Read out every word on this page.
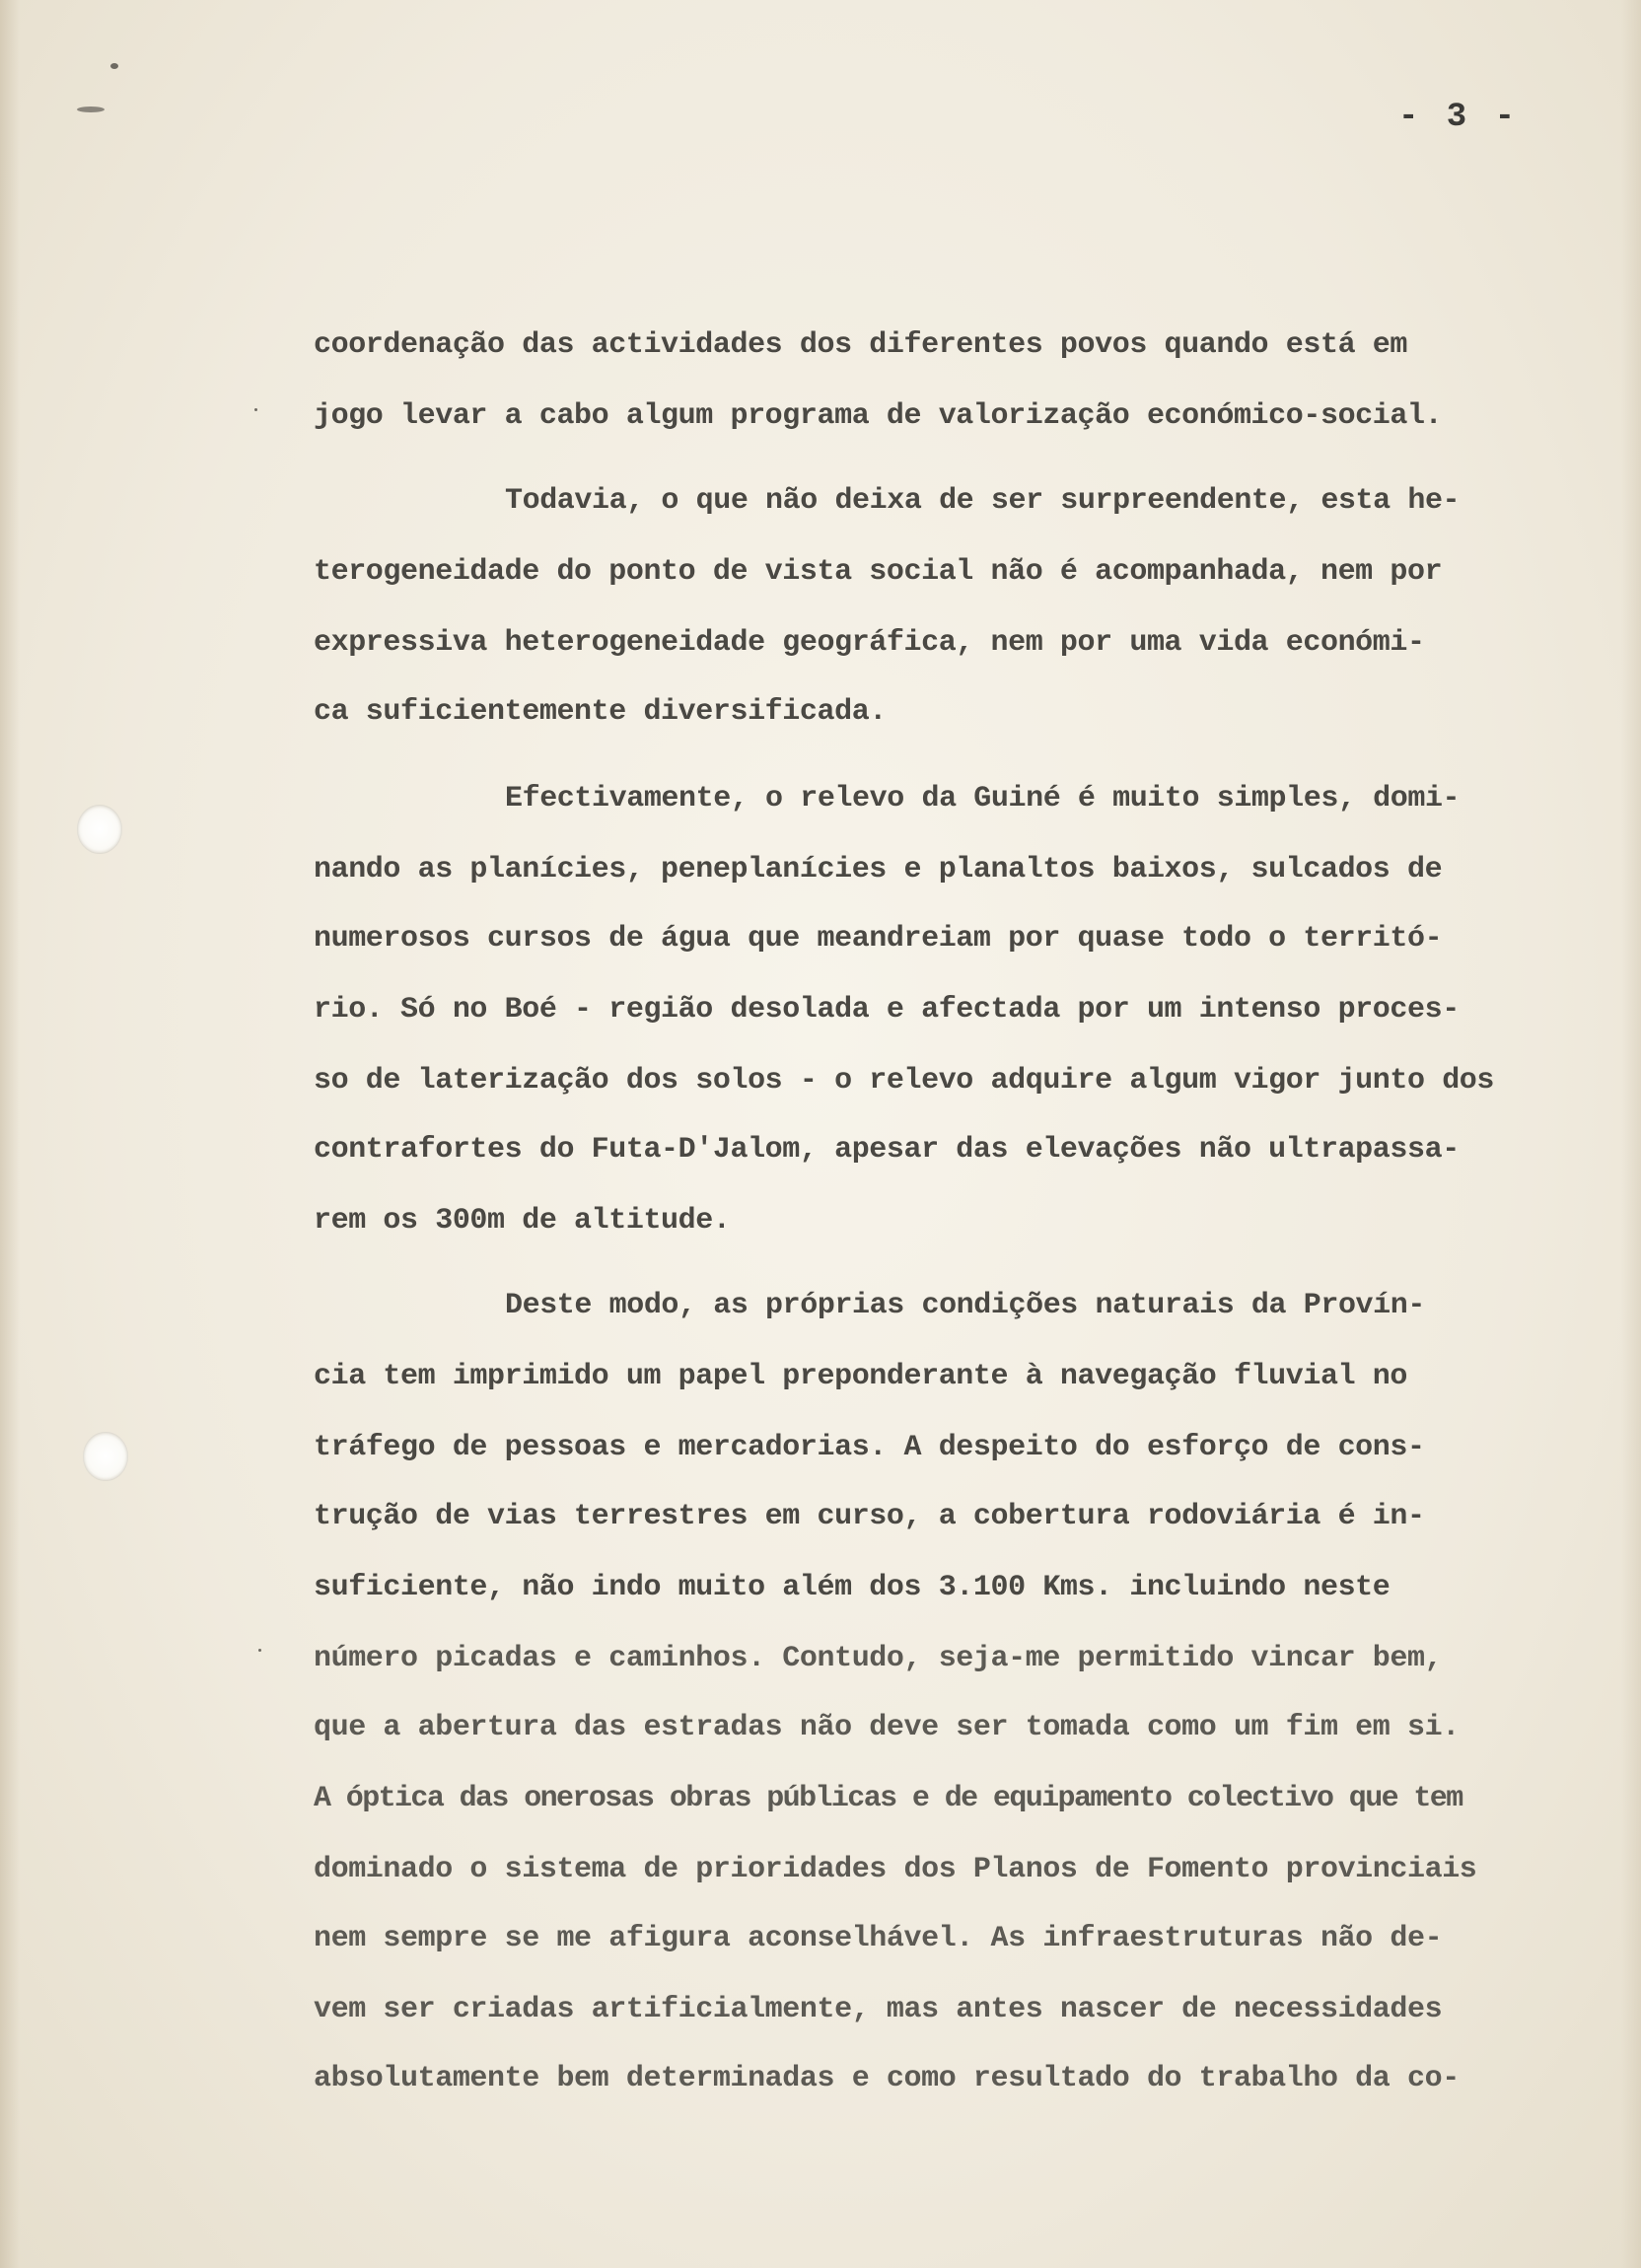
- 3 -

coordenação das actividades dos diferentes povos quando está em

jogo levar a cabo algum programa de valorização económico-social.

Todavia, o que não deixa de ser surpreendente, esta he-

terogeneidade do ponto de vista social não é acompanhada, nem por

expressiva heterogeneidade geográfica, nem por uma vida económi-

ca suficientemente diversificada.

Efectivamente, o relevo da Guiné é muito simples, domi-

nando as planícies, peneplanícies e planaltos baixos, sulcados de

numerosos cursos de água que meandreiam por quase todo o territó-

rio. Só no Boé - região desolada e afectada por um intenso proces-

so de laterização dos solos - o relevo adquire algum vigor junto dos

contrafortes do Futa-D'Jalom, apesar das elevações não ultrapassa-

rem os 300m de altitude.

Deste modo, as próprias condições naturais da Provín-

cia tem imprimido um papel preponderante à navegação fluvial no

tráfego de pessoas e mercadorias. A despeito do esforço de cons-

trução de vias terrestres em curso, a cobertura rodoviária é in-

suficiente, não indo muito além dos 3.100 Kms. incluindo neste

número picadas e caminhos. Contudo, seja-me permitido vincar bem,

que a abertura das estradas não deve ser tomada como um fim em si.

A óptica das onerosas obras públicas e de equipamento colectivo que tem

dominado o sistema de prioridades dos Planos de Fomento provinciais

nem sempre se me afigura aconselhável. As infraestruturas não de-

vem ser criadas artificialmente, mas antes nascer de necessidades

absolutamente bem determinadas e como resultado do trabalho da co-
